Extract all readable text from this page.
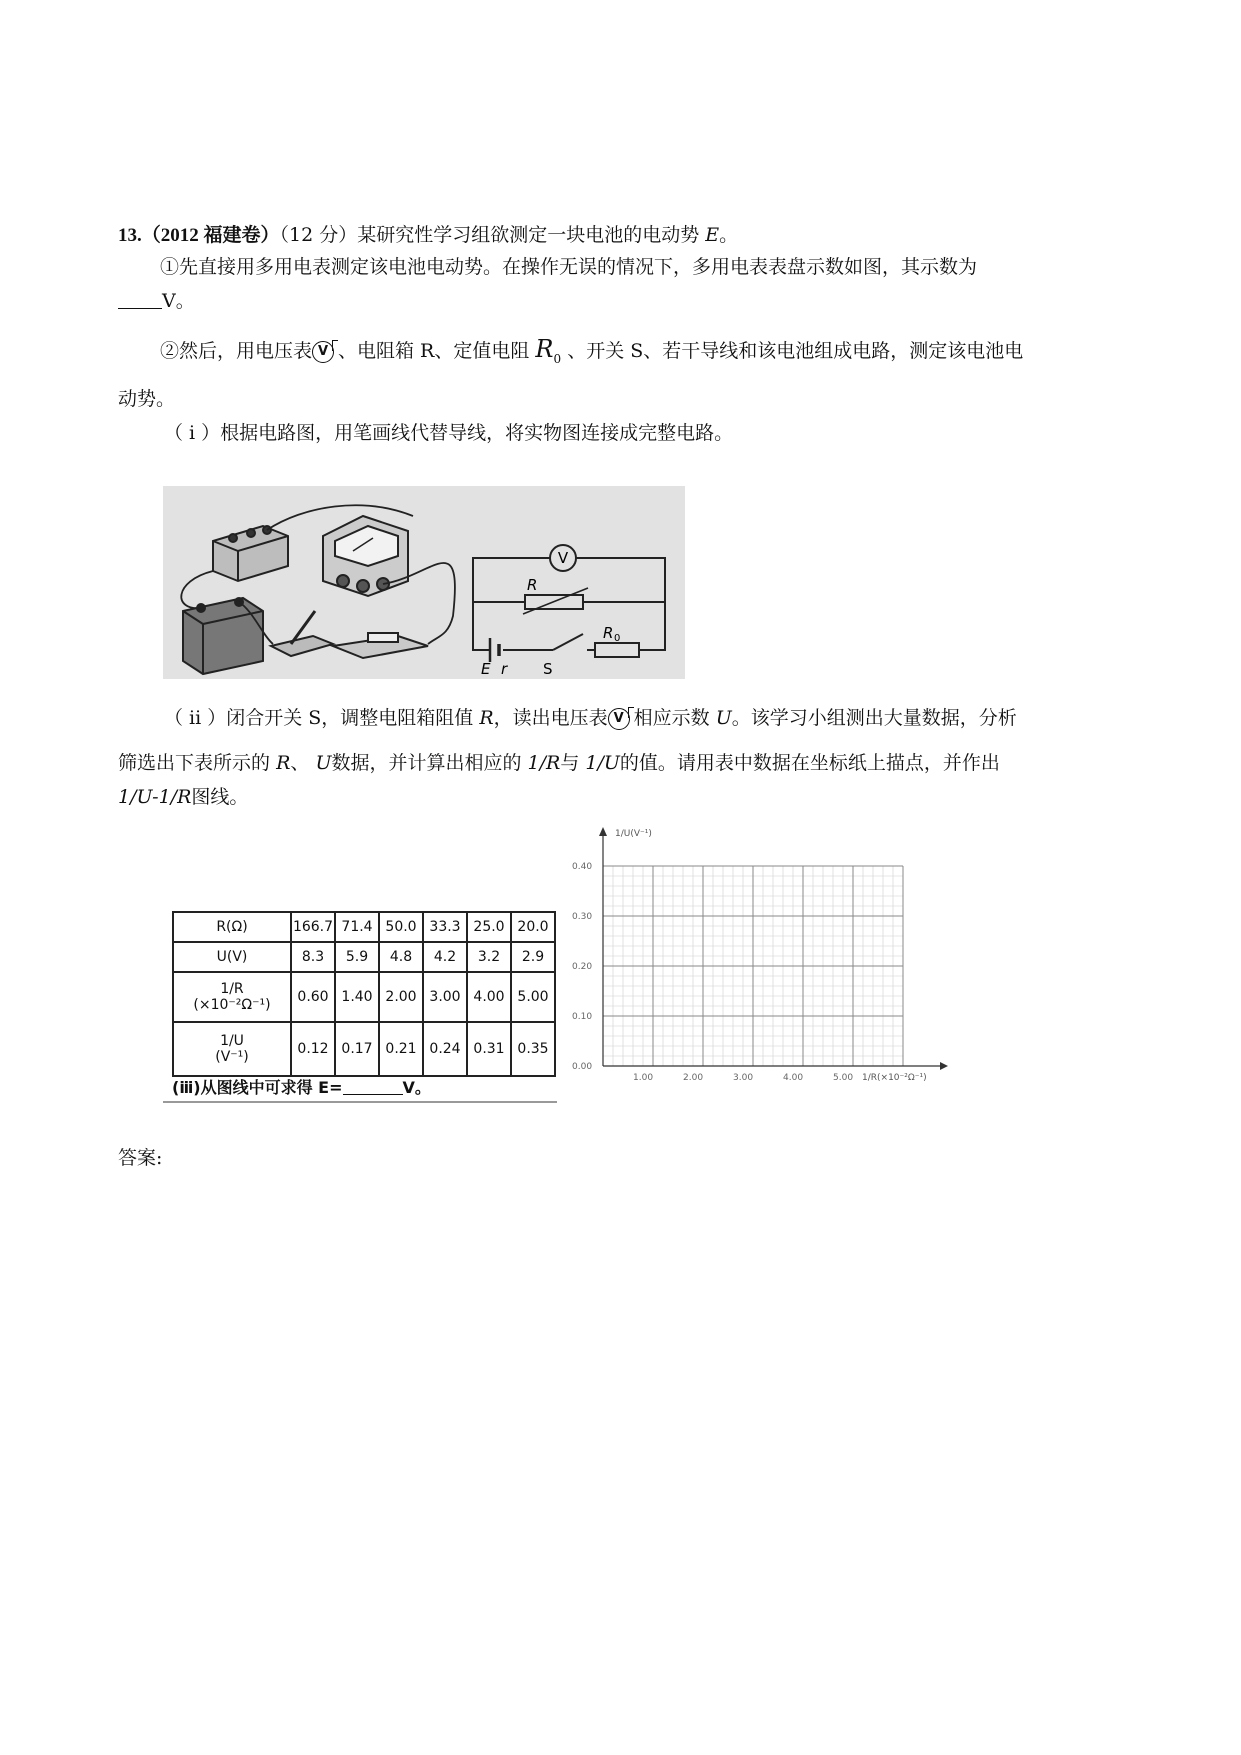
13.（2012 福建卷）（12 分）某研究性学习组欲测定一块电池的电动势 E。
①先直接用多用电表测定该电池电动势。在操作无误的情况下，多用电表表盘示数如图，其示数为
V。
②然后，用电压表 V 、电阻箱 R、定值电阻 $R_0$ 、开关 S、若干导线和该电池组成电路，测定该电池电
动势。
（ i ）根据电路图，用笔画线代替导线，将实物图连接成完整电路。
V
R
R 0
E r S
（ ii ）闭合开关 S，调整电阻箱阻值 R，读出电压表 V 相应示数 U。该学习小组测出大量数据，分析
筛选出下表所示的 R、 U数据，并计算出相应的 1/R与 1/U的值。请用表中数据在坐标纸上描点，并作出
1/U-1/R图线。
R(Ω)	166.7	71.4	50.0	33.3	25.0	20.0
U(V)	8.3	5.9	4.8	4.2	3.2	2.9

1/R
(×10⁻²Ω⁻¹)	0.60	1.40	2.00	3.00	4.00	5.00

1/U
(V⁻¹)	0.12	0.17	0.21	0.24	0.31	0.35
(ⅲ)从图线中可求得 E=	V。
1/U(V⁻¹)
1/R(×10⁻²Ω⁻¹)
0.40
0.30
0.20
0.10
0.00
1.00	2.00	3.00	4.00	5.00
答案:
